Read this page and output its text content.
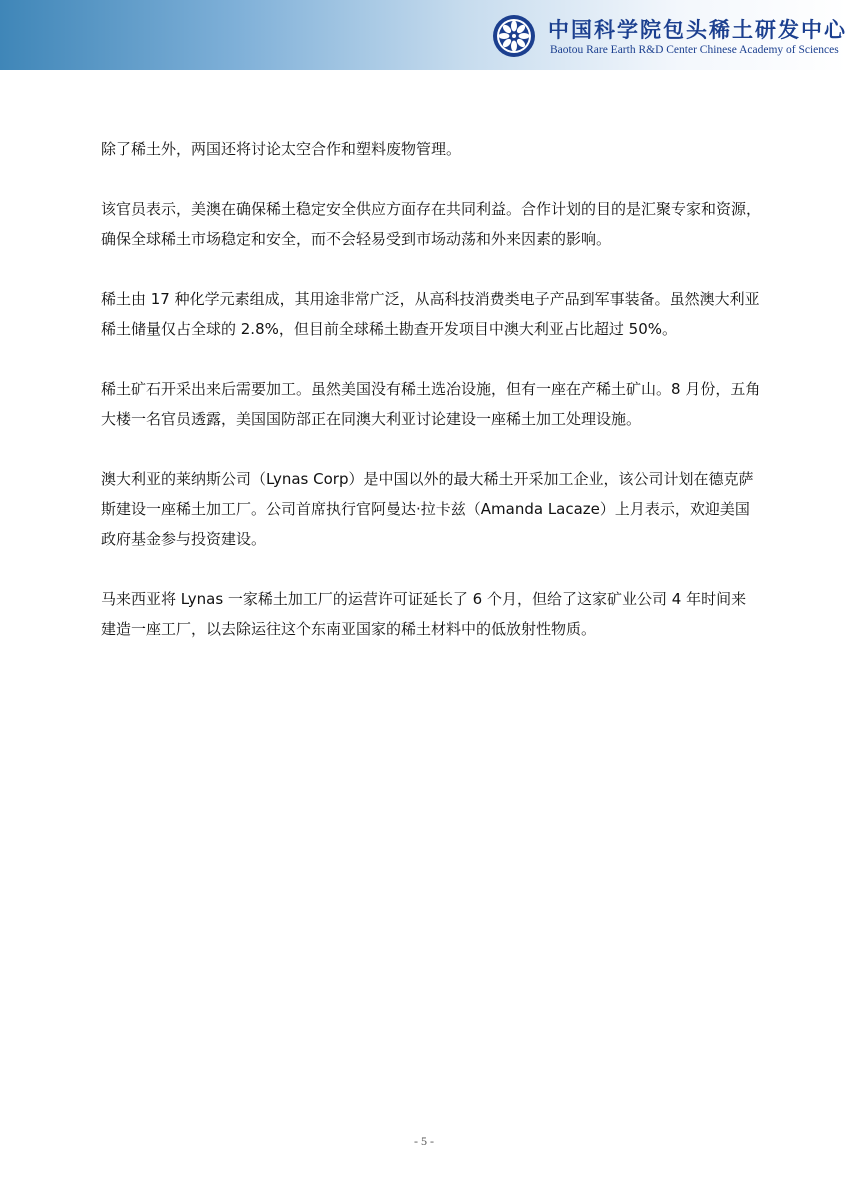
中国科学院包头稀土研发中心
Baotou Rare Earth R&D Center Chinese Academy of Sciences

除了稀土外，两国还将讨论太空合作和塑料废物管理。

该官员表示，美澳在确保稀土稳定安全供应方面存在共同利益。合作计划的目的是汇聚专家和资源，确保全球稀土市场稳定和安全，而不会轻易受到市场动荡和外来因素的影响。

稀土由 17 种化学元素组成，其用途非常广泛，从高科技消费类电子产品到军事装备。虽然澳大利亚稀土储量仅占全球的 2.8%，但目前全球稀土勘查开发项目中澳大利亚占比超过 50%。

稀土矿石开采出来后需要加工。虽然美国没有稀土选冶设施，但有一座在产稀土矿山。8 月份，五角大楼一名官员透露，美国国防部正在同澳大利亚讨论建设一座稀土加工处理设施。

澳大利亚的莱纳斯公司（Lynas Corp）是中国以外的最大稀土开采加工企业，该公司计划在德克萨斯建设一座稀土加工厂。公司首席执行官阿曼达·拉卡兹（Amanda Lacaze）上月表示，欢迎美国政府基金参与投资建设。

马来西亚将 Lynas 一家稀土加工厂的运营许可证延长了 6 个月，但给了这家矿业公司 4 年时间来建造一座工厂，以去除运往这个东南亚国家的稀土材料中的低放射性物质。

- 5 -
